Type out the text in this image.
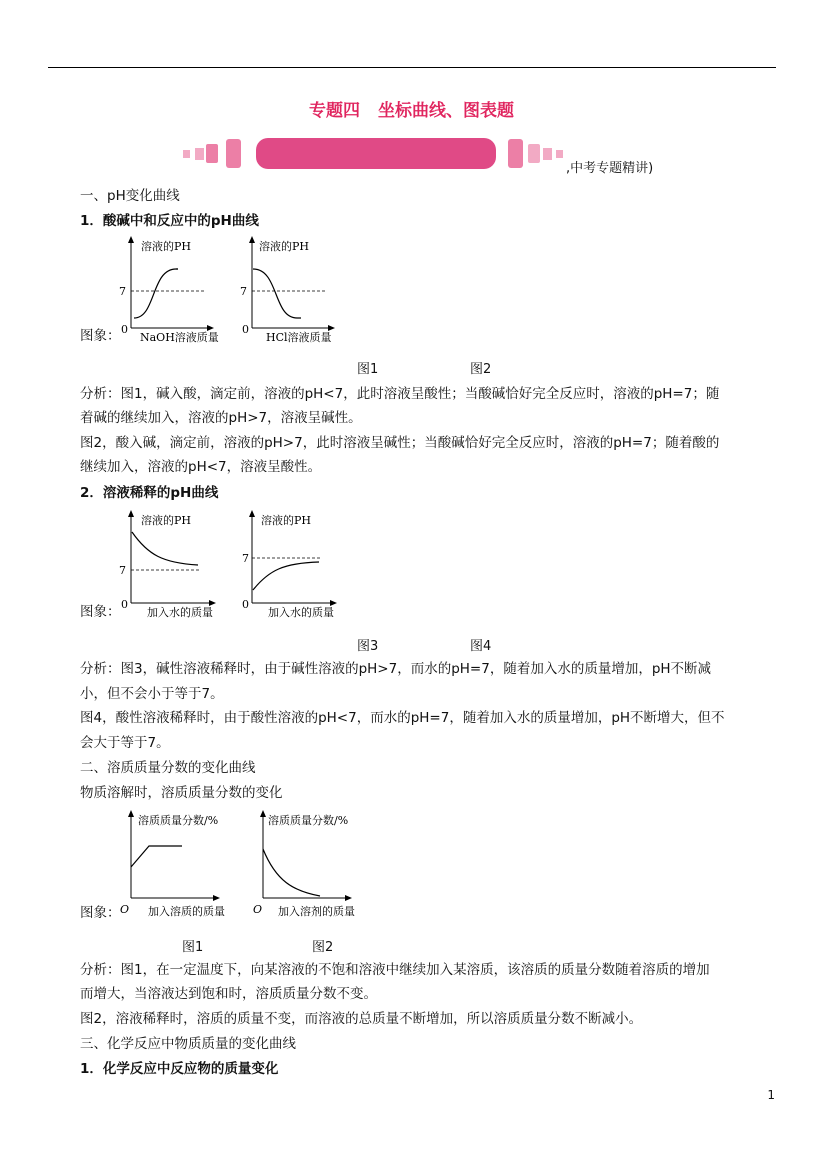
专题四 坐标曲线、图表题
,中考专题精讲)
一、pH变化曲线
1．酸碱中和反应中的pH曲线
溶液的PH
7
0
NaOH溶液质量
溶液的PH
7
0
HCl溶液质量
图象：
图1	图2
分析：图1，碱入酸，滴定前，溶液的pH<7，此时溶液呈酸性；当酸碱恰好完全反应时，溶液的pH=7；随
着碱的继续加入，溶液的pH>7，溶液呈碱性。
图2，酸入碱，滴定前，溶液的pH>7，此时溶液呈碱性；当酸碱恰好完全反应时，溶液的pH=7；随着酸的
继续加入，溶液的pH<7，溶液呈酸性。
2．溶液稀释的pH曲线
溶液的PH
7
0
加入水的质量
溶液的PH
7
0
加入水的质量
图象：
图3	图4
分析：图3，碱性溶液稀释时，由于碱性溶液的pH>7，而水的pH=7，随着加入水的质量增加，pH不断减
小，但不会小于等于7。
图4，酸性溶液稀释时，由于酸性溶液的pH<7，而水的pH=7，随着加入水的质量增加，pH不断增大，但不
会大于等于7。
二、溶质质量分数的变化曲线
物质溶解时，溶质质量分数的变化
溶质质量分数/%
O 加入溶质的质量
溶质质量分数/%
O 加入溶剂的质量
图象：
图1	图2
分析：图1，在一定温度下，向某溶液的不饱和溶液中继续加入某溶质，该溶质的质量分数随着溶质的增加
而增大，当溶液达到饱和时，溶质质量分数不变。
图2，溶液稀释时，溶质的质量不变，而溶液的总质量不断增加，所以溶质质量分数不断减小。
三、化学反应中物质质量的变化曲线
1．化学反应中反应物的质量变化
1
